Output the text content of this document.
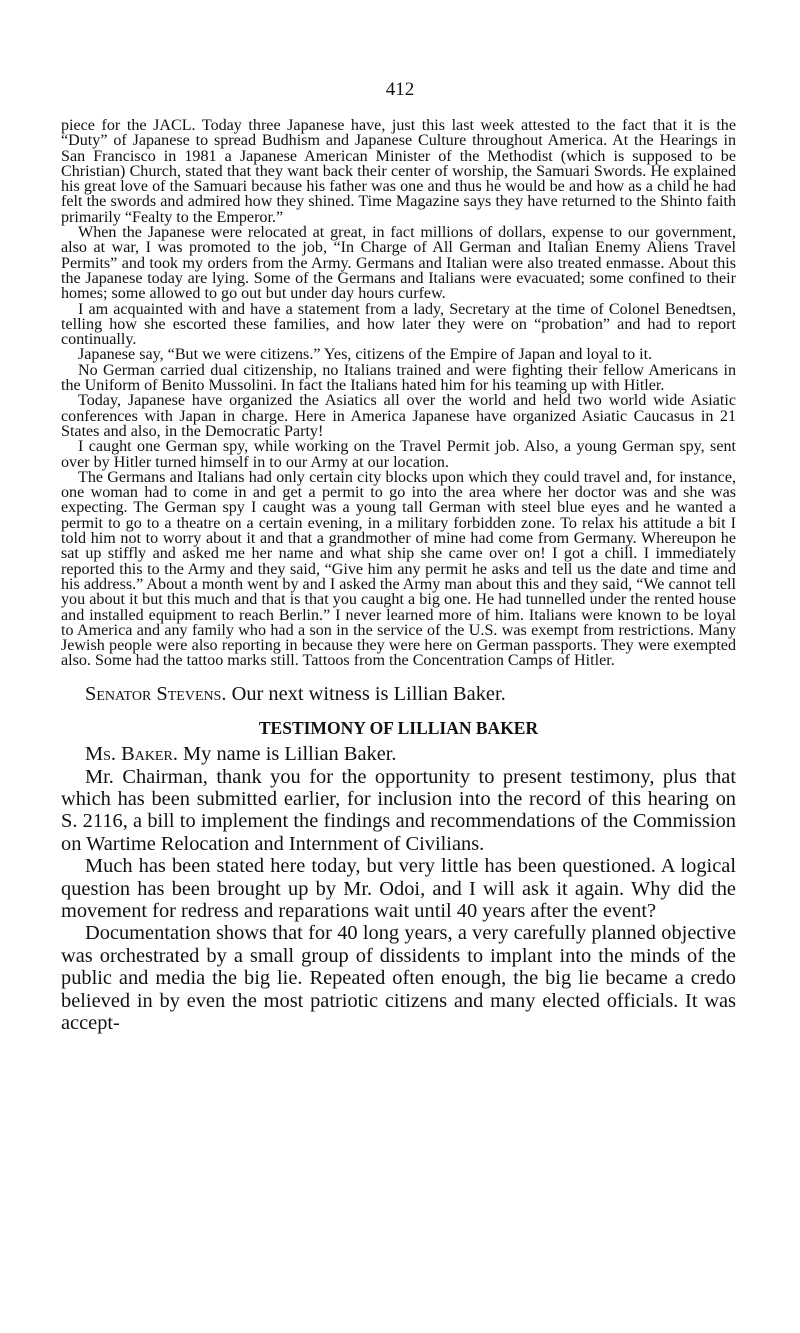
412

piece for the JACL. Today three Japanese have, just this last week attested to the fact that it is the “Duty” of Japanese to spread Budhism and Japanese Culture throughout America. At the Hearings in San Francisco in 1981 a Japanese American Minister of the Methodist (which is supposed to be Christian) Church, stated that they want back their center of worship, the Samuari Swords. He explained his great love of the Samuari because his father was one and thus he would be and how as a child he had felt the swords and admired how they shined. Time Magazine says they have returned to the Shinto faith primarily “Fealty to the Emperor.”

When the Japanese were relocated at great, in fact millions of dollars, expense to our government, also at war, I was promoted to the job, “In Charge of All German and Italian Enemy Aliens Travel Permits” and took my orders from the Army. Germans and Italian were also treated enmasse. About this the Japanese today are lying. Some of the Germans and Italians were evacuated; some confined to their homes; some allowed to go out but under day hours curfew.

I am acquainted with and have a statement from a lady, Secretary at the time of Colonel Benedtsen, telling how she escorted these families, and how later they were on “probation” and had to report continually.

Japanese say, “But we were citizens.” Yes, citizens of the Empire of Japan and loyal to it.

No German carried dual citizenship, no Italians trained and were fighting their fellow Americans in the Uniform of Benito Mussolini. In fact the Italians hated him for his teaming up with Hitler.

Today, Japanese have organized the Asiatics all over the world and held two world wide Asiatic conferences with Japan in charge. Here in America Japanese have organized Asiatic Caucasus in 21 States and also, in the Democratic Party!

I caught one German spy, while working on the Travel Permit job. Also, a young German spy, sent over by Hitler turned himself in to our Army at our location.

The Germans and Italians had only certain city blocks upon which they could travel and, for instance, one woman had to come in and get a permit to go into the area where her doctor was and she was expecting. The German spy I caught was a young tall German with steel blue eyes and he wanted a permit to go to a theatre on a certain evening, in a military forbidden zone. To relax his attitude a bit I told him not to worry about it and that a grandmother of mine had come from Germany. Whereupon he sat up stiffly and asked me her name and what ship she came over on! I got a chill. I immediately reported this to the Army and they said, “Give him any permit he asks and tell us the date and time and his address.” About a month went by and I asked the Army man about this and they said, “We cannot tell you about it but this much and that is that you caught a big one. He had tunnelled under the rented house and installed equipment to reach Berlin.” I never learned more of him. Italians were known to be loyal to America and any family who had a son in the service of the U.S. was exempt from restrictions. Many Jewish people were also reporting in because they were here on German passports. They were exempted also. Some had the tattoo marks still. Tattoos from the Concentration Camps of Hitler.

Senator Stevens. Our next witness is Lillian Baker.

TESTIMONY OF LILLIAN BAKER

Ms. Baker. My name is Lillian Baker.

Mr. Chairman, thank you for the opportunity to present testimony, plus that which has been submitted earlier, for inclusion into the record of this hearing on S. 2116, a bill to implement the findings and recommendations of the Commission on Wartime Relocation and Internment of Civilians.

Much has been stated here today, but very little has been questioned. A logical question has been brought up by Mr. Odoi, and I will ask it again. Why did the movement for redress and reparations wait until 40 years after the event?

Documentation shows that for 40 long years, a very carefully planned objective was orchestrated by a small group of dissidents to implant into the minds of the public and media the big lie. Repeated often enough, the big lie became a credo believed in by even the most patriotic citizens and many elected officials. It was accept-
